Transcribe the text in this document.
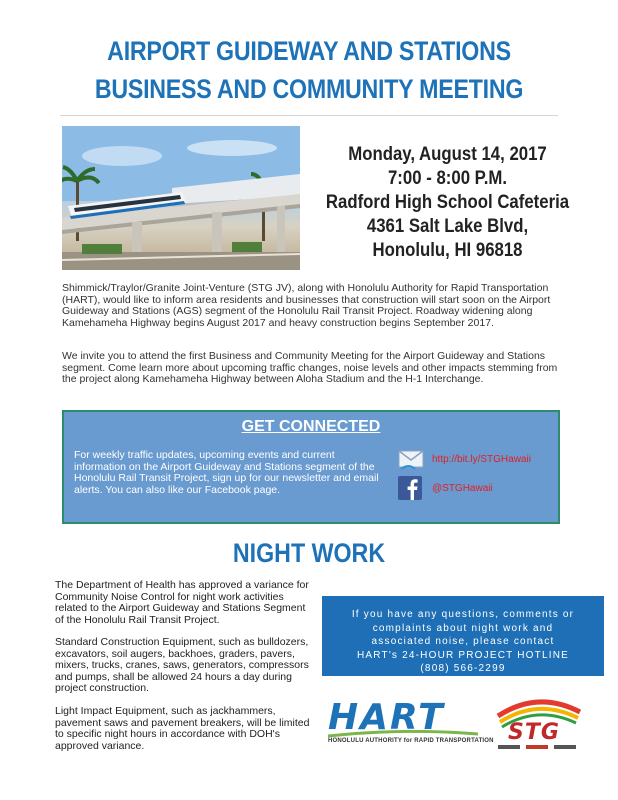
AIRPORT GUIDEWAY AND STATIONS
BUSINESS AND COMMUNITY MEETING
Monday, August 14, 2017
7:00 - 8:00 P.M.
Radford High School Cafeteria
4361 Salt Lake Blvd,
Honolulu, HI 96818
Shimmick/Traylor/Granite Joint-Venture (STG JV), along with Honolulu Authority for Rapid Transportation (HART), would like to inform area residents and businesses that construction will start soon on the Airport Guideway and Stations (AGS) segment of the Honolulu Rail Transit Project. Roadway widening along Kamehameha Highway begins August 2017 and heavy construction begins September 2017.
We invite you to attend the first Business and Community Meeting for the Airport Guideway and Stations segment. Come learn more about upcoming traffic changes, noise levels and other impacts stemming from the project along Kamehameha Highway between Aloha Stadium and the H-1 Interchange.
GET CONNECTED
For weekly traffic updates, upcoming events and current information on the Airport Guideway and Stations segment of the Honolulu Rail Transit Project, sign up for our newsletter and email alerts. You can also like our Facebook page.
http://bit.ly/STGHawaii
@STGHawaii
NIGHT WORK
The Department of Health has approved a variance for Community Noise Control for night work activities related to the Airport Guideway and Stations Segment of the Honolulu Rail Transit Project.
Standard Construction Equipment, such as bulldozers, excavators, soil augers, backhoes, graders, pavers, mixers, trucks, cranes, saws, generators, compressors and pumps, shall be allowed 24 hours a day during project construction.
Light Impact Equipment, such as jackhammers, pavement saws and pavement breakers, will be limited to specific night hours in accordance with DOH's approved variance.
If you have any questions, comments or
complaints about night work and
associated noise, please contact
HART's 24-HOUR PROJECT HOTLINE
(808) 566-2299
HART
HONOLULU AUTHORITY for RAPID TRANSPORTATION STG
